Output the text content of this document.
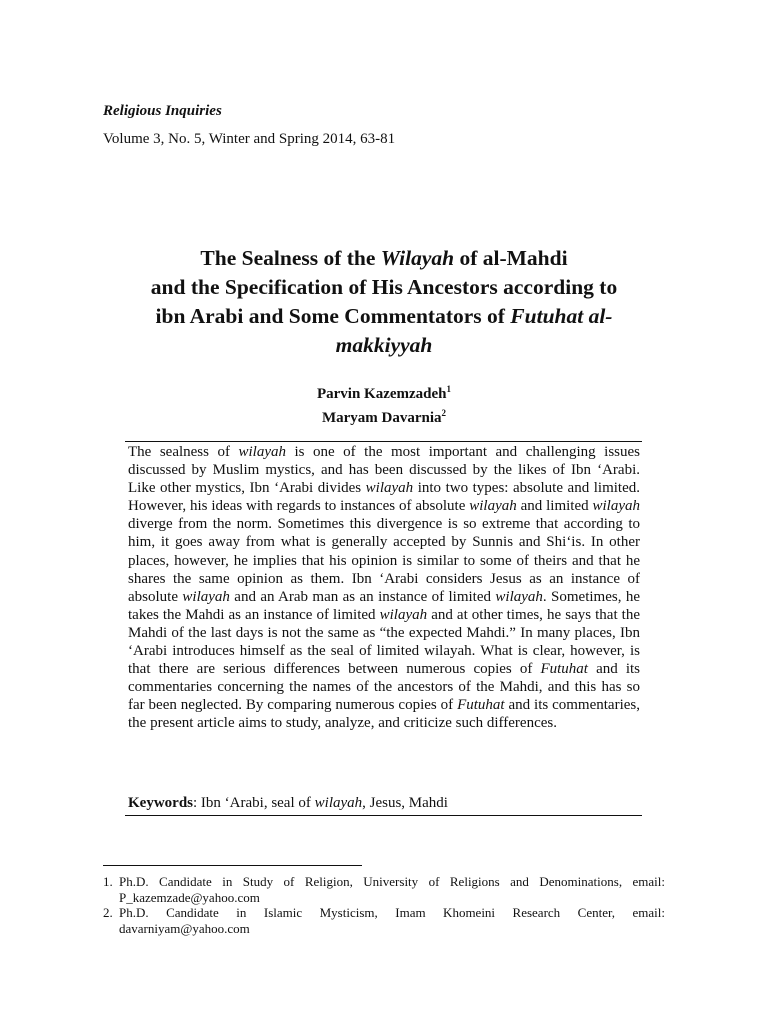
Religious Inquiries
Volume 3, No. 5, Winter and Spring 2014, 63-81
The Sealness of the Wilayah of al-Mahdi
and the Specification of His Ancestors according to
ibn Arabi and Some Commentators of Futuhat al-
makkiyyah
Parvin Kazemzadeh$^1$
Maryam Davarnia$^2$

The sealness of wilayah is one of the most important and challenging issues discussed by Muslim mystics, and has been discussed by the likes of Ibn ‘Arabi. Like other mystics, Ibn ‘Arabi divides wilayah into two types: absolute and limited. However, his ideas with regards to instances of absolute wilayah and limited wilayah diverge from the norm. Sometimes this divergence is so extreme that according to him, it goes away from what is generally accepted by Sunnis and Shi‘is. In other places, however, he implies that his opinion is similar to some of theirs and that he shares the same opinion as them. Ibn ‘Arabi considers Jesus as an instance of absolute wilayah and an Arab man as an instance of limited wilayah. Sometimes, he takes the Mahdi as an instance of limited wilayah and at other times, he says that the Mahdi of the last days is not the same as “the expected Mahdi.” In many places, Ibn ‘Arabi introduces himself as the seal of limited wilayah. What is clear, however, is that there are serious differences between numerous copies of Futuhat and its commentaries concerning the names of the ancestors of the Mahdi, and this has so far been neglected. By comparing numerous copies of Futuhat and its commentaries, the present article aims to study, analyze, and criticize such differences.

Keywords: Ibn ‘Arabi, seal of wilayah, Jesus, Mahdi
1. Ph.D. Candidate in Study of Religion, University of Religions and Denominations, email:
P_kazemzade@yahoo.com
2. Ph.D. Candidate in Islamic Mysticism, Imam Khomeini Research Center, email:
davarniyam@yahoo.com
